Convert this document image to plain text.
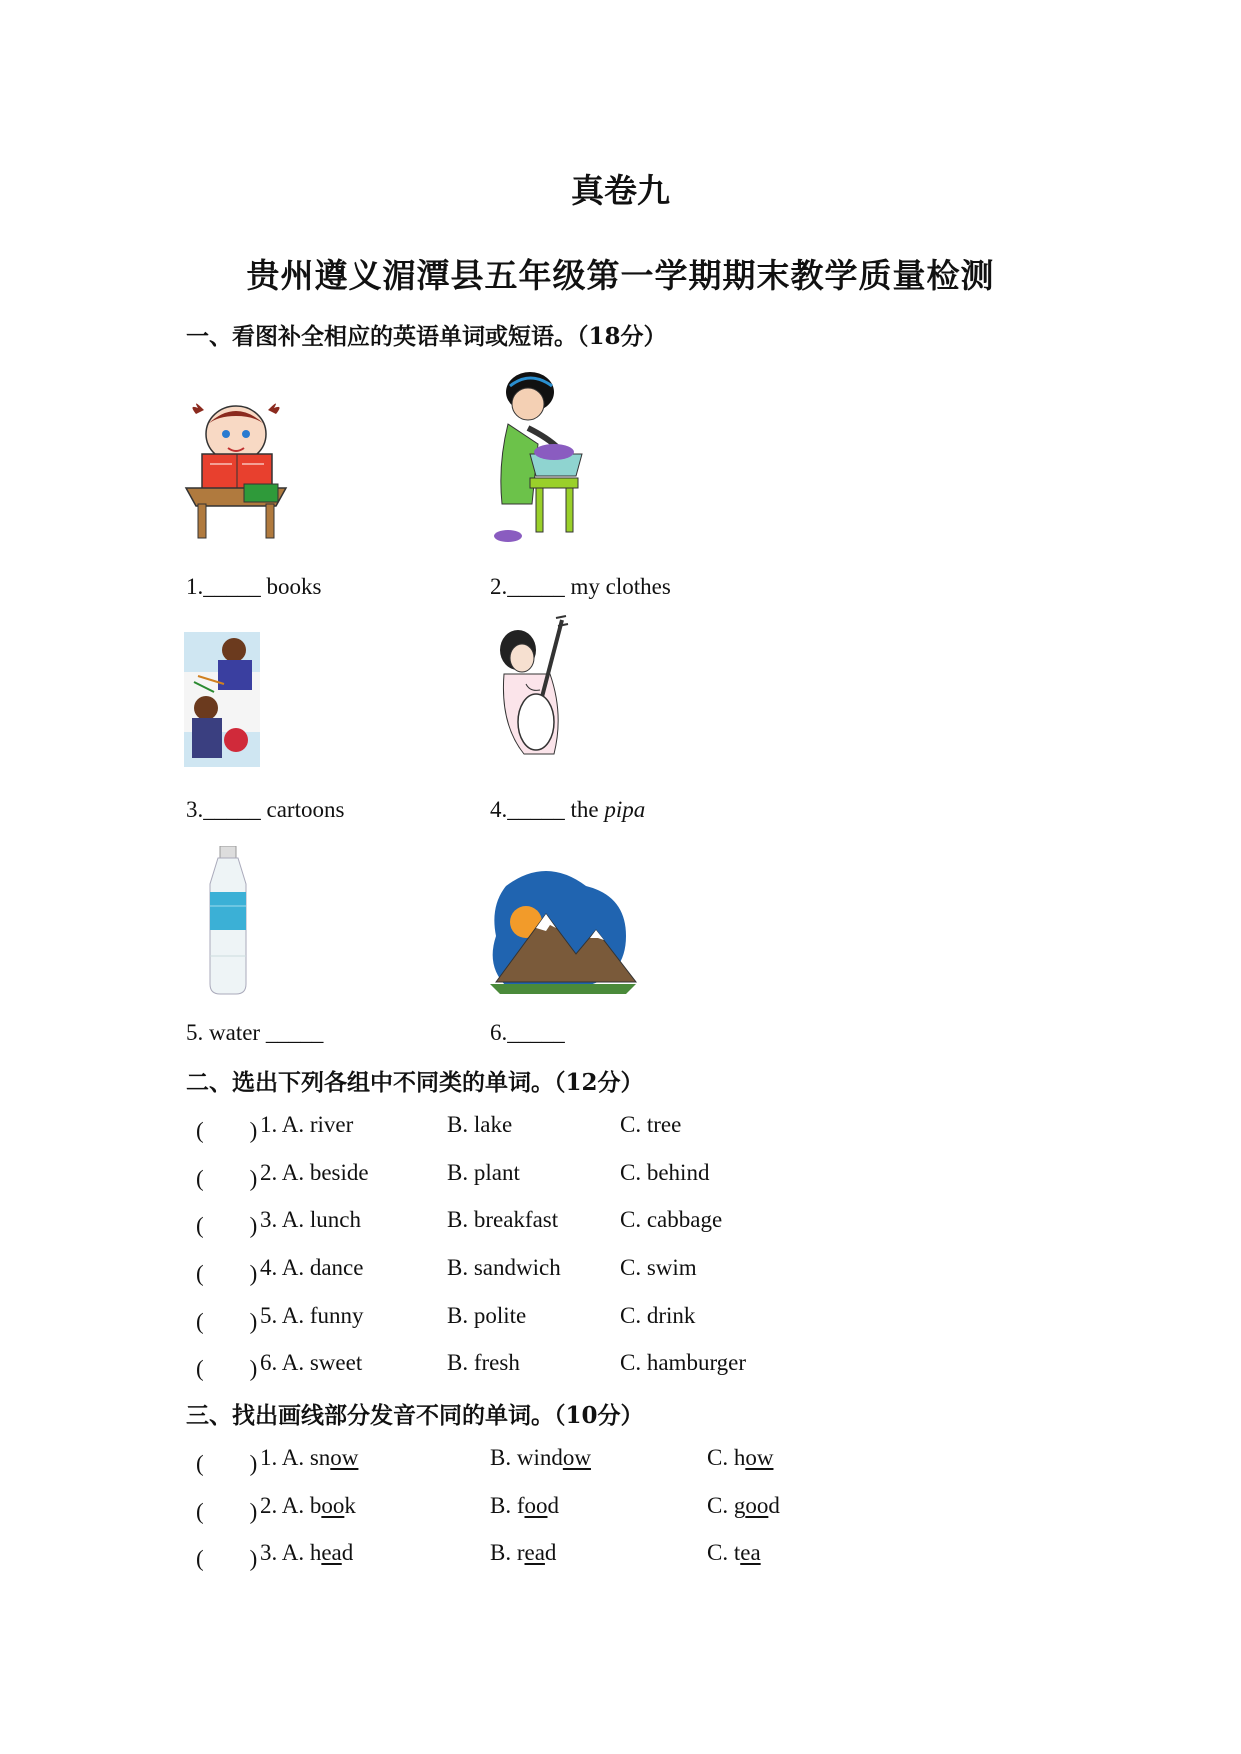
真卷九
贵州遵义湄潭县五年级第一学期期末教学质量检测
一、看图补全相应的英语单词或短语。（18分）
1._____ books	2._____ my clothes
3._____ cartoons	4._____ the pipa
5. water _____	6._____
二、选出下列各组中不同类的单词。（12分）
(　　) 1. A. river	B. lake	C. tree
(　　) 2. A. beside	B. plant	C. behind
(　　) 3. A. lunch	B. breakfast	C. cabbage
(　　) 4. A. dance	B. sandwich	C. swim
(　　) 5. A. funny	B. polite	C. drink
(　　) 6. A. sweet	B. fresh	C. hamburger
三、找出画线部分发音不同的单词。（10分）
(　　) 1. A. snow	B. window	C. how
(　　) 2. A. book	B. food	C. good
(　　) 3. A. head	B. read	C. tea
